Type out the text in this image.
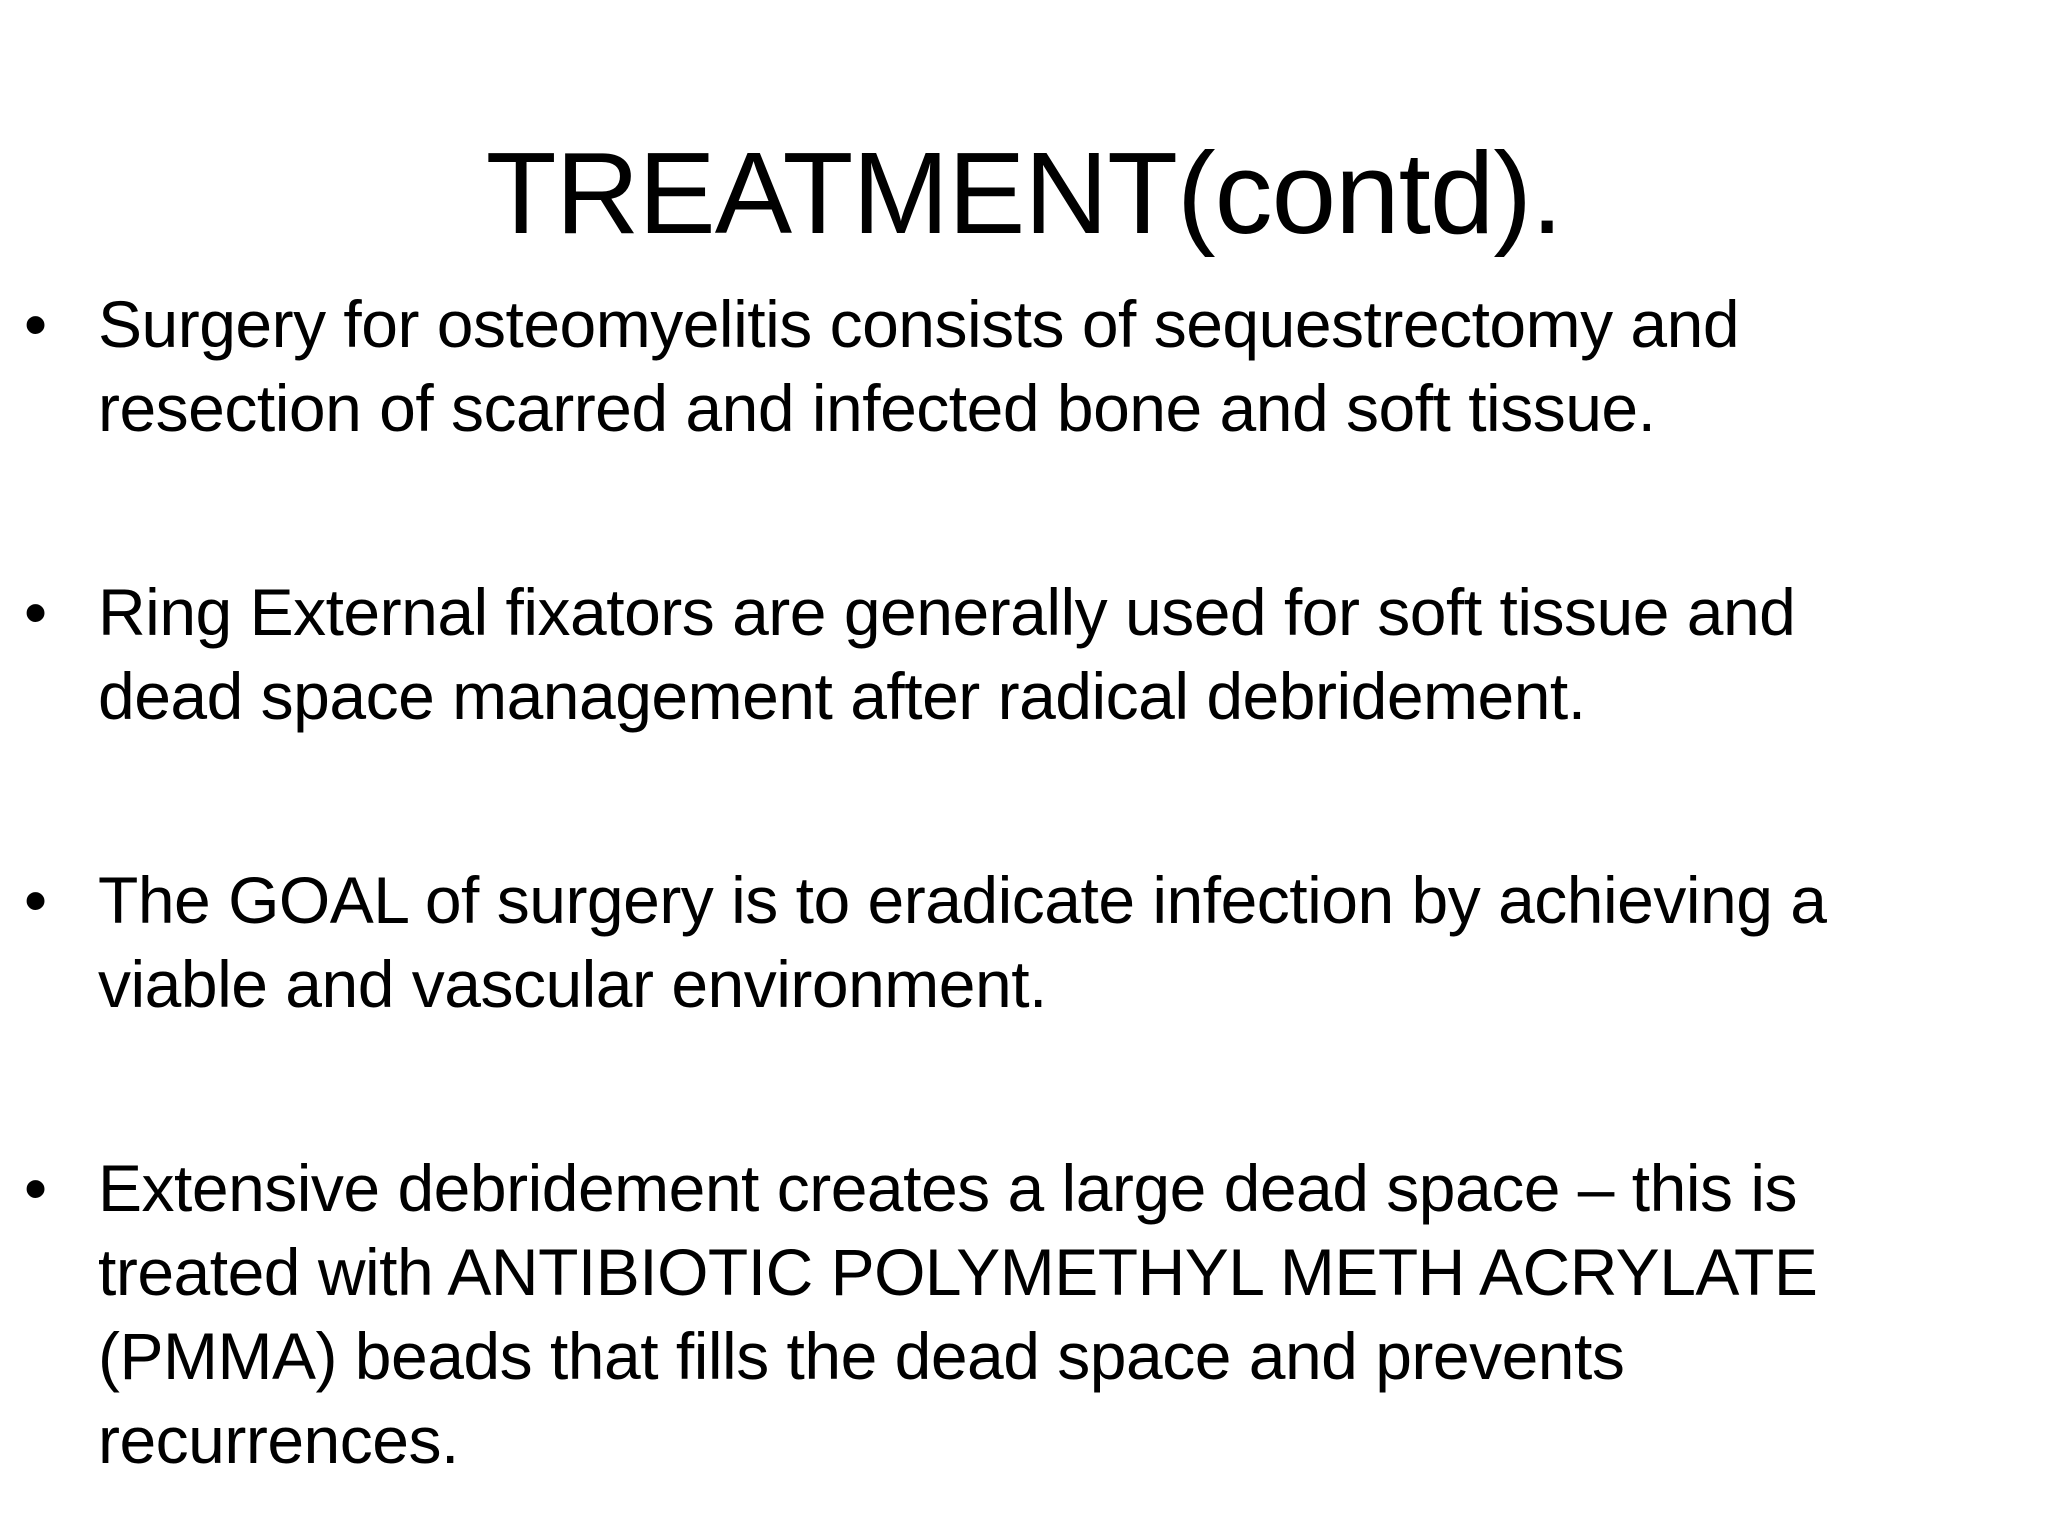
TREATMENT(contd).
• Surgery for osteomyelitis consists of sequestrectomy and
resection of scarred and infected bone and soft tissue.
• Ring External fixators are generally used for soft tissue and
dead space management after radical debridement.
• The GOAL of surgery is to eradicate infection by achieving a
viable and vascular environment.
• Extensive debridement creates a large dead space – this is
treated with ANTIBIOTIC POLYMETHYL METH ACRYLATE
(PMMA) beads that fills the dead space and prevents
recurrences.
